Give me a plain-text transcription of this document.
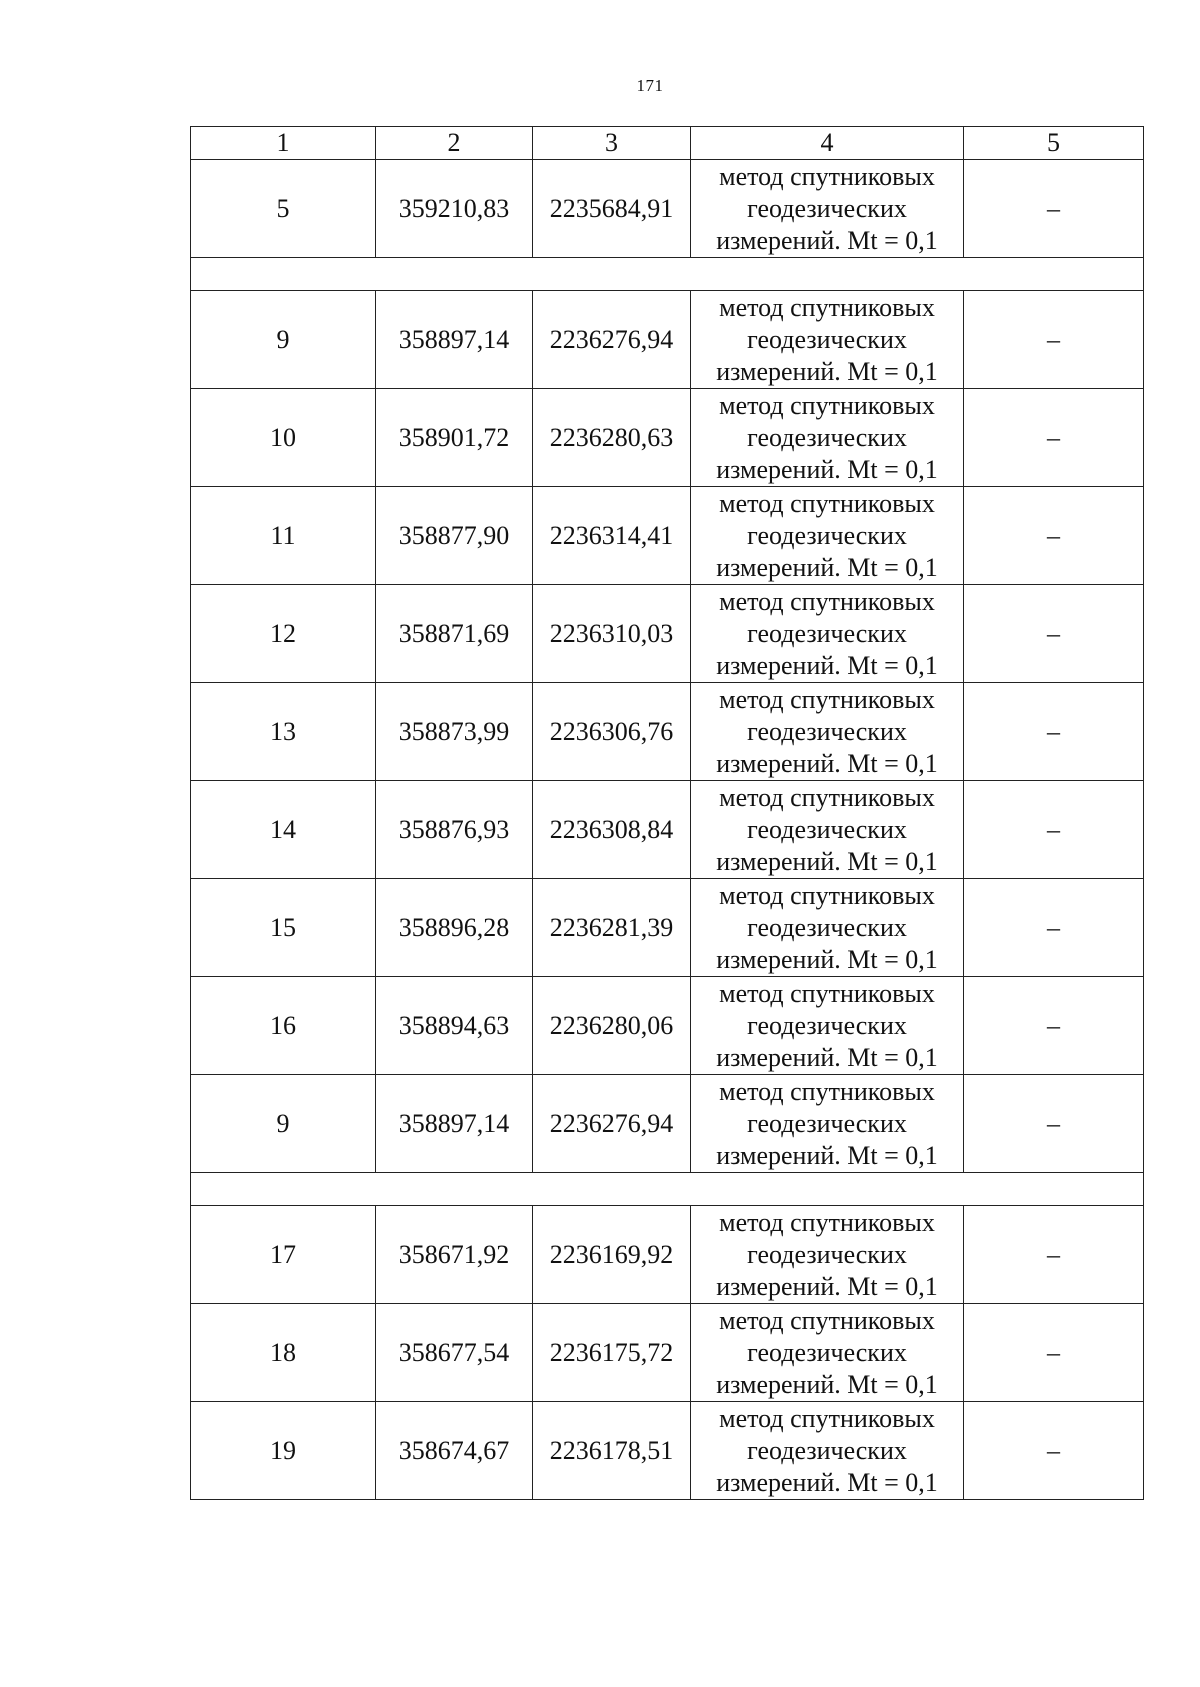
171
1	2	3	4	5
5	359210,83	2235684,91	метод спутниковых
геодезических
измерений. Mt = 0,1	–

9	358897,14	2236276,94	метод спутниковых
геодезических
измерений. Mt = 0,1	–
10	358901,72	2236280,63	метод спутниковых
геодезических
измерений. Mt = 0,1	–
11	358877,90	2236314,41	метод спутниковых
геодезических
измерений. Mt = 0,1	–
12	358871,69	2236310,03	метод спутниковых
геодезических
измерений. Mt = 0,1	–
13	358873,99	2236306,76	метод спутниковых
геодезических
измерений. Mt = 0,1	–
14	358876,93	2236308,84	метод спутниковых
геодезических
измерений. Mt = 0,1	–
15	358896,28	2236281,39	метод спутниковых
геодезических
измерений. Mt = 0,1	–
16	358894,63	2236280,06	метод спутниковых
геодезических
измерений. Mt = 0,1	–
9	358897,14	2236276,94	метод спутниковых
геодезических
измерений. Mt = 0,1	–

17	358671,92	2236169,92	метод спутниковых
геодезических
измерений. Mt = 0,1	–
18	358677,54	2236175,72	метод спутниковых
геодезических
измерений. Mt = 0,1	–
19	358674,67	2236178,51	метод спутниковых
геодезических
измерений. Mt = 0,1	–
